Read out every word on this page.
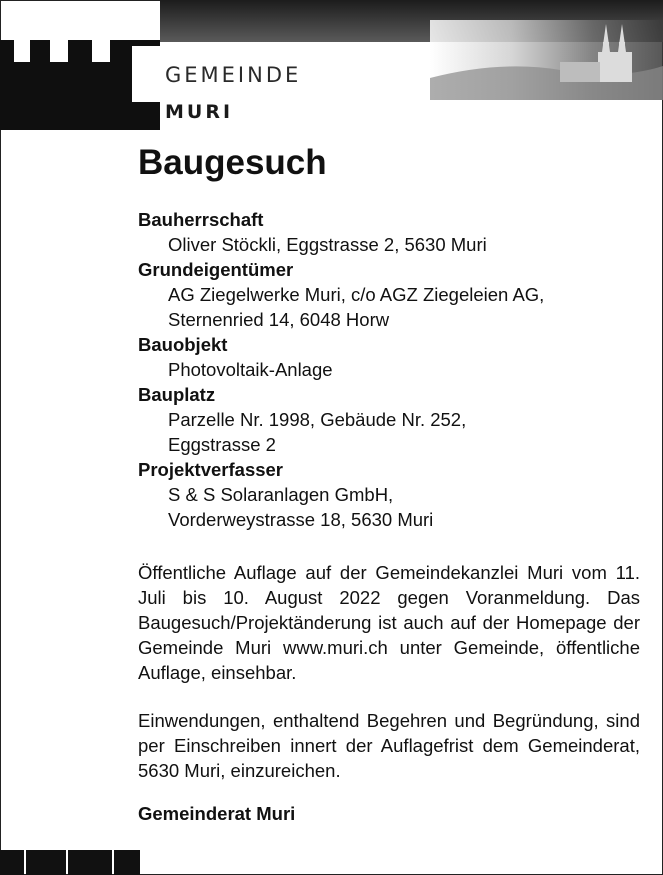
GEMEINDE
MURI
Baugesuch
Bauherrschaft
Oliver Stöckli, Eggstrasse 2, 5630 Muri
Grundeigentümer
AG Ziegelwerke Muri, c/o AGZ Ziegeleien AG,
Sternenried 14, 6048 Horw
Bauobjekt
Photovoltaik-Anlage
Bauplatz
Parzelle Nr. 1998, Gebäude Nr. 252,
Eggstrasse 2
Projektverfasser
S & S Solaranlagen GmbH,
Vorderweystrasse 18, 5630 Muri

Öffentliche Auflage auf der Gemeindekanzlei Muri vom 11. Juli bis 10. August 2022 gegen Voranmeldung. Das Baugesuch/Projektänderung ist auch auf der Homepage der Gemeinde Muri www.muri.ch unter Gemeinde, öffentliche Auflage, einsehbar.

Einwendungen, enthaltend Begehren und Begründung, sind per Einschreiben innert der Auflagefrist dem Gemeinderat, 5630 Muri, einzureichen.

Gemeinderat Muri
